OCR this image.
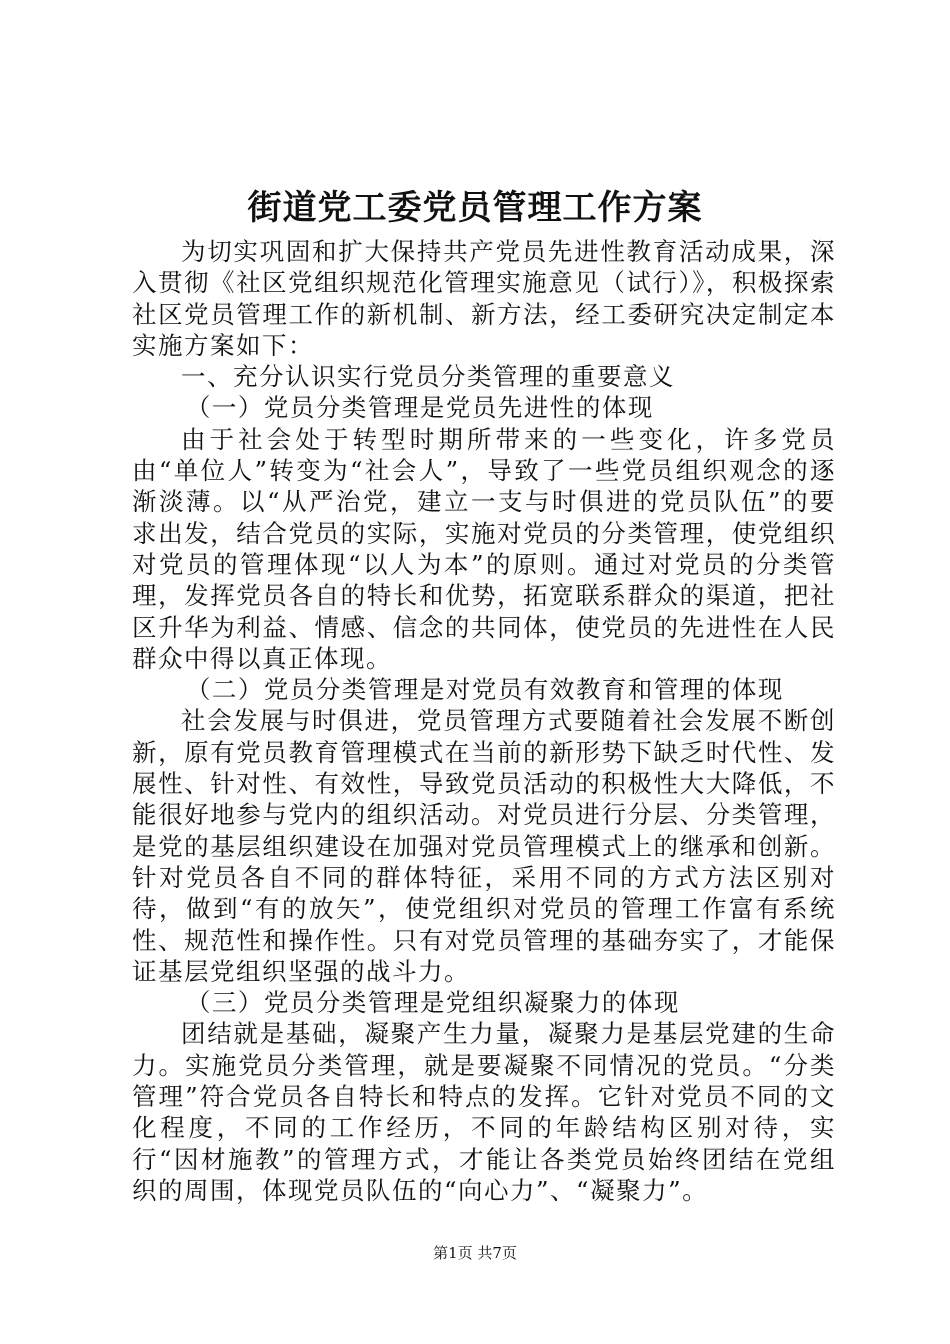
街道党工委党员管理工作方案

为切实巩固和扩大保持共产党员先进性教育活动成果，深入贯彻《社区党组织规范化管理实施意见（试行）》，积极探索社区党员管理工作的新机制、新方法，经工委研究决定制定本实施方案如下：

一、充分认识实行党员分类管理的重要意义

（一）党员分类管理是党员先进性的体现

由于社会处于转型时期所带来的一些变化，许多党员由“单位人”转变为“社会人”，导致了一些党员组织观念的逐渐淡薄。以“从严治党，建立一支与时俱进的党员队伍”的要求出发，结合党员的实际，实施对党员的分类管理，使党组织对党员的管理体现“以人为本”的原则。通过对党员的分类管理，发挥党员各自的特长和优势，拓宽联系群众的渠道，把社区升华为利益、情感、信念的共同体，使党员的先进性在人民群众中得以真正体现。

（二）党员分类管理是对党员有效教育和管理的体现

社会发展与时俱进，党员管理方式要随着社会发展不断创新，原有党员教育管理模式在当前的新形势下缺乏时代性、发展性、针对性、有效性，导致党员活动的积极性大大降低，不能很好地参与党内的组织活动。对党员进行分层、分类管理，是党的基层组织建设在加强对党员管理模式上的继承和创新。针对党员各自不同的群体特征，采用不同的方式方法区别对待，做到“有的放矢”，使党组织对党员的管理工作富有系统性、规范性和操作性。只有对党员管理的基础夯实了，才能保证基层党组织坚强的战斗力。

（三）党员分类管理是党组织凝聚力的体现

团结就是基础，凝聚产生力量，凝聚力是基层党建的生命力。实施党员分类管理，就是要凝聚不同情况的党员。“分类管理”符合党员各自特长和特点的发挥。它针对党员不同的文化程度，不同的工作经历，不同的年龄结构区别对待，实行“因材施教”的管理方式，才能让各类党员始终团结在党组织的周围，体现党员队伍的“向心力”、“凝聚力”。

第1页 共7页
